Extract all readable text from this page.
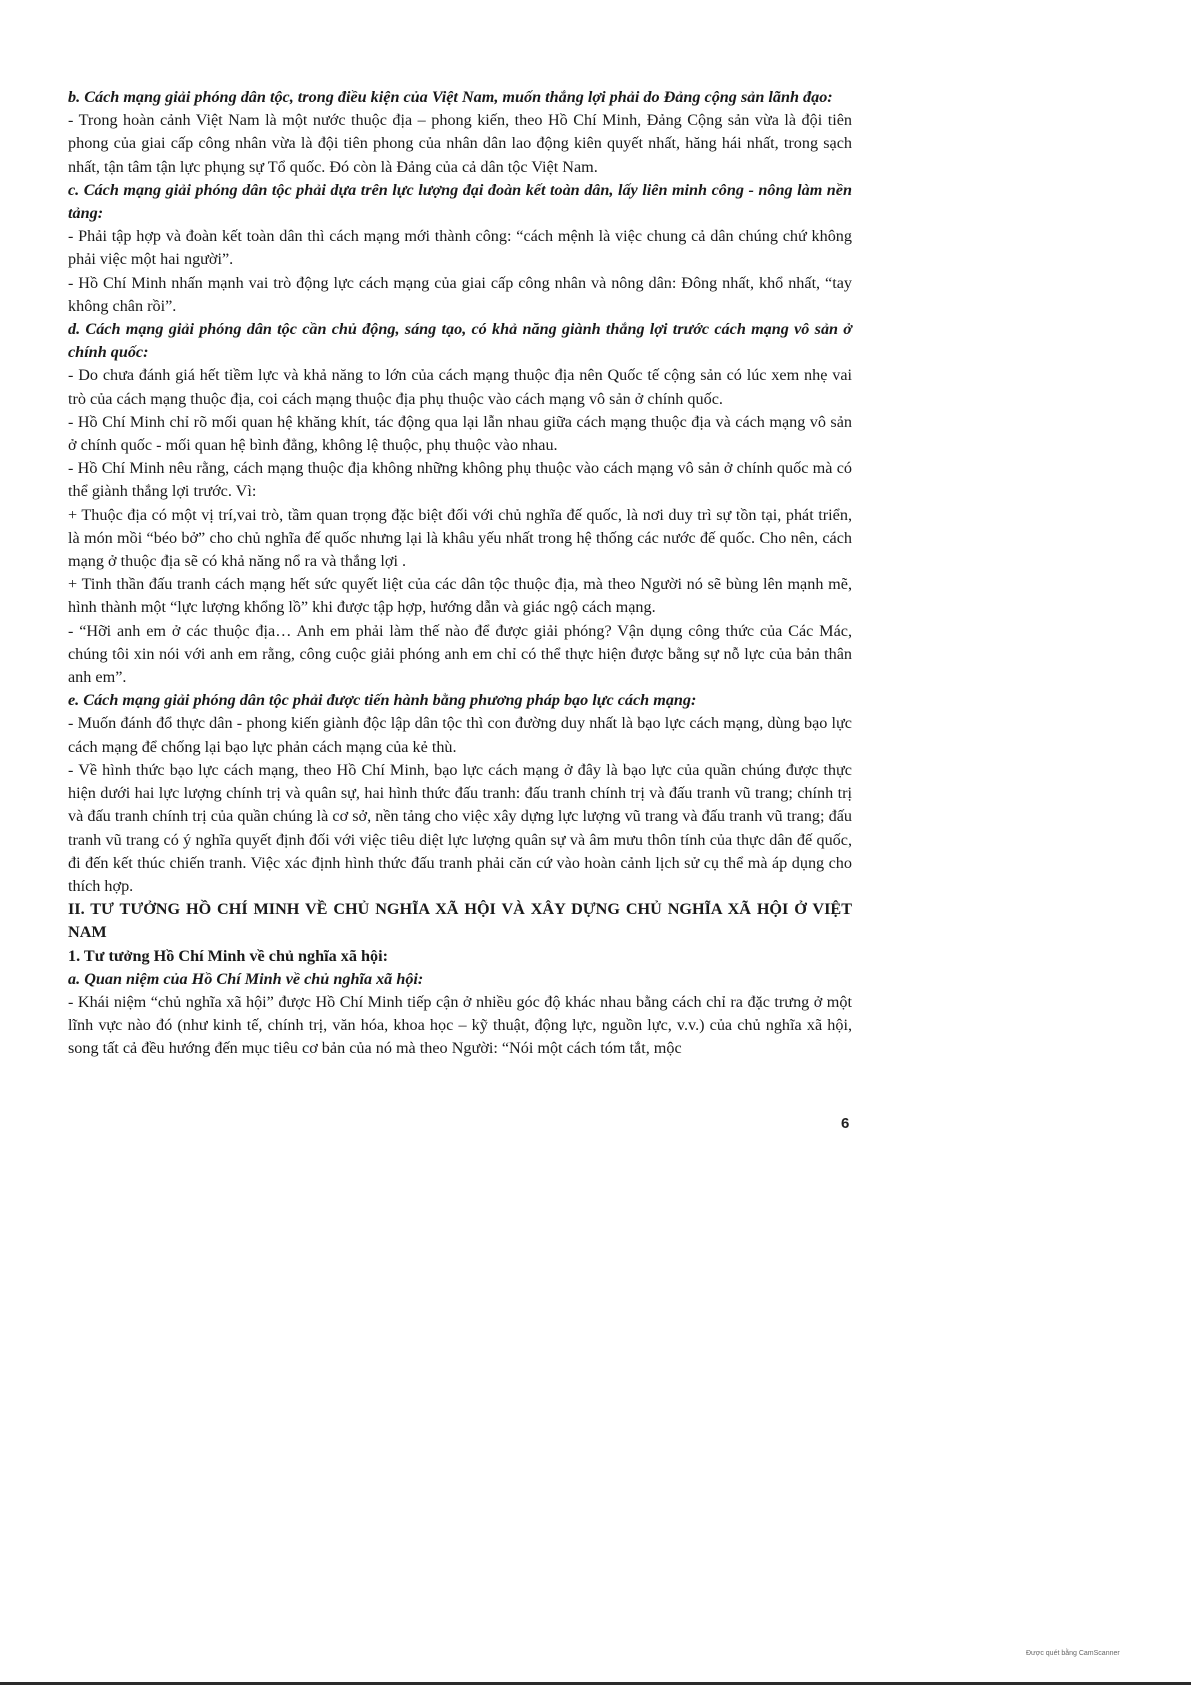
b. Cách mạng giải phóng dân tộc, trong điều kiện của Việt Nam, muốn thắng lợi phải do Đảng cộng sản lãnh đạo:

- Trong hoàn cảnh Việt Nam là một nước thuộc địa – phong kiến, theo Hồ Chí Minh, Đảng Cộng sản vừa là đội tiên phong của giai cấp công nhân vừa là đội tiên phong của nhân dân lao động kiên quyết nhất, hăng hái nhất, trong sạch nhất, tận tâm tận lực phụng sự Tổ quốc. Đó còn là Đảng của cả dân tộc Việt Nam.

c. Cách mạng giải phóng dân tộc phải dựa trên lực lượng đại đoàn kết toàn dân, lấy liên minh công - nông làm nền tảng:

- Phải tập hợp và đoàn kết toàn dân thì cách mạng mới thành công: “cách mệnh là việc chung cả dân chúng chứ không phải việc một hai người”.

- Hồ Chí Minh nhấn mạnh vai trò động lực cách mạng của giai cấp công nhân và nông dân: Đông nhất, khổ nhất, “tay không chân rồi”.

d. Cách mạng giải phóng dân tộc cần chủ động, sáng tạo, có khả năng giành thắng lợi trước cách mạng vô sản ở chính quốc:

- Do chưa đánh giá hết tiềm lực và khả năng to lớn của cách mạng thuộc địa nên Quốc tế cộng sản có lúc xem nhẹ vai trò của cách mạng thuộc địa, coi cách mạng thuộc địa phụ thuộc vào cách mạng vô sản ở chính quốc.

- Hồ Chí Minh chỉ rõ mối quan hệ khăng khít, tác động qua lại lẫn nhau giữa cách mạng thuộc địa và cách mạng vô sản ở chính quốc - mối quan hệ bình đẳng, không lệ thuộc, phụ thuộc vào nhau.

- Hồ Chí Minh nêu rằng, cách mạng thuộc địa không những không phụ thuộc vào cách mạng vô sản ở chính quốc mà có thể giành thắng lợi trước. Vì:

+ Thuộc địa có một vị trí,vai trò, tầm quan trọng đặc biệt đối với chủ nghĩa đế quốc, là nơi duy trì sự tồn tại, phát triển, là món mồi “béo bở” cho chủ nghĩa đế quốc nhưng lại là khâu yếu nhất trong hệ thống các nước đế quốc. Cho nên, cách mạng ở thuộc địa sẽ có khả năng nổ ra và thắng lợi .

+ Tinh thần đấu tranh cách mạng hết sức quyết liệt của các dân tộc thuộc địa, mà theo Người nó sẽ bùng lên mạnh mẽ, hình thành một “lực lượng khổng lồ” khi được tập hợp, hướng dẫn và giác ngộ cách mạng.

- “Hỡi anh em ở các thuộc địa… Anh em phải làm thế nào để được giải phóng? Vận dụng công thức của Các Mác, chúng tôi xin nói với anh em rằng, công cuộc giải phóng anh em chỉ có thể thực hiện được bằng sự nỗ lực của bản thân anh em”.

e. Cách mạng giải phóng dân tộc phải được tiến hành bằng phương pháp bạo lực cách mạng:

- Muốn đánh đổ thực dân - phong kiến giành độc lập dân tộc thì con đường duy nhất là bạo lực cách mạng, dùng bạo lực cách mạng để chống lại bạo lực phản cách mạng của kẻ thù.

- Về hình thức bạo lực cách mạng, theo Hồ Chí Minh, bạo lực cách mạng ở đây là bạo lực của quần chúng được thực hiện dưới hai lực lượng chính trị và quân sự, hai hình thức đấu tranh: đấu tranh chính trị và đấu tranh vũ trang; chính trị và đấu tranh chính trị của quần chúng là cơ sở, nền tảng cho việc xây dựng lực lượng vũ trang và đấu tranh vũ trang; đấu tranh vũ trang có ý nghĩa quyết định đối với việc tiêu diệt lực lượng quân sự và âm mưu thôn tính của thực dân đế quốc, đi đến kết thúc chiến tranh. Việc xác định hình thức đấu tranh phải căn cứ vào hoàn cảnh lịch sử cụ thể mà áp dụng cho thích hợp.

II. TƯ TƯỞNG HỒ CHÍ MINH VỀ CHỦ NGHĨA XÃ HỘI VÀ XÂY DỰNG CHỦ NGHĨA XÃ HỘI Ở VIỆT NAM

1. Tư tưởng Hồ Chí Minh về chủ nghĩa xã hội:

a. Quan niệm của Hồ Chí Minh về chủ nghĩa xã hội:

- Khái niệm “chủ nghĩa xã hội” được Hồ Chí Minh tiếp cận ở nhiều góc độ khác nhau bằng cách chỉ ra đặc trưng ở một lĩnh vực nào đó (như kinh tế, chính trị, văn hóa, khoa học – kỹ thuật, động lực, nguồn lực, v.v.) của chủ nghĩa xã hội, song tất cả đều hướng đến mục tiêu cơ bản của nó mà theo Người: “Nói một cách tóm tắt, mộc

6
Được quét bằng CamScanner
